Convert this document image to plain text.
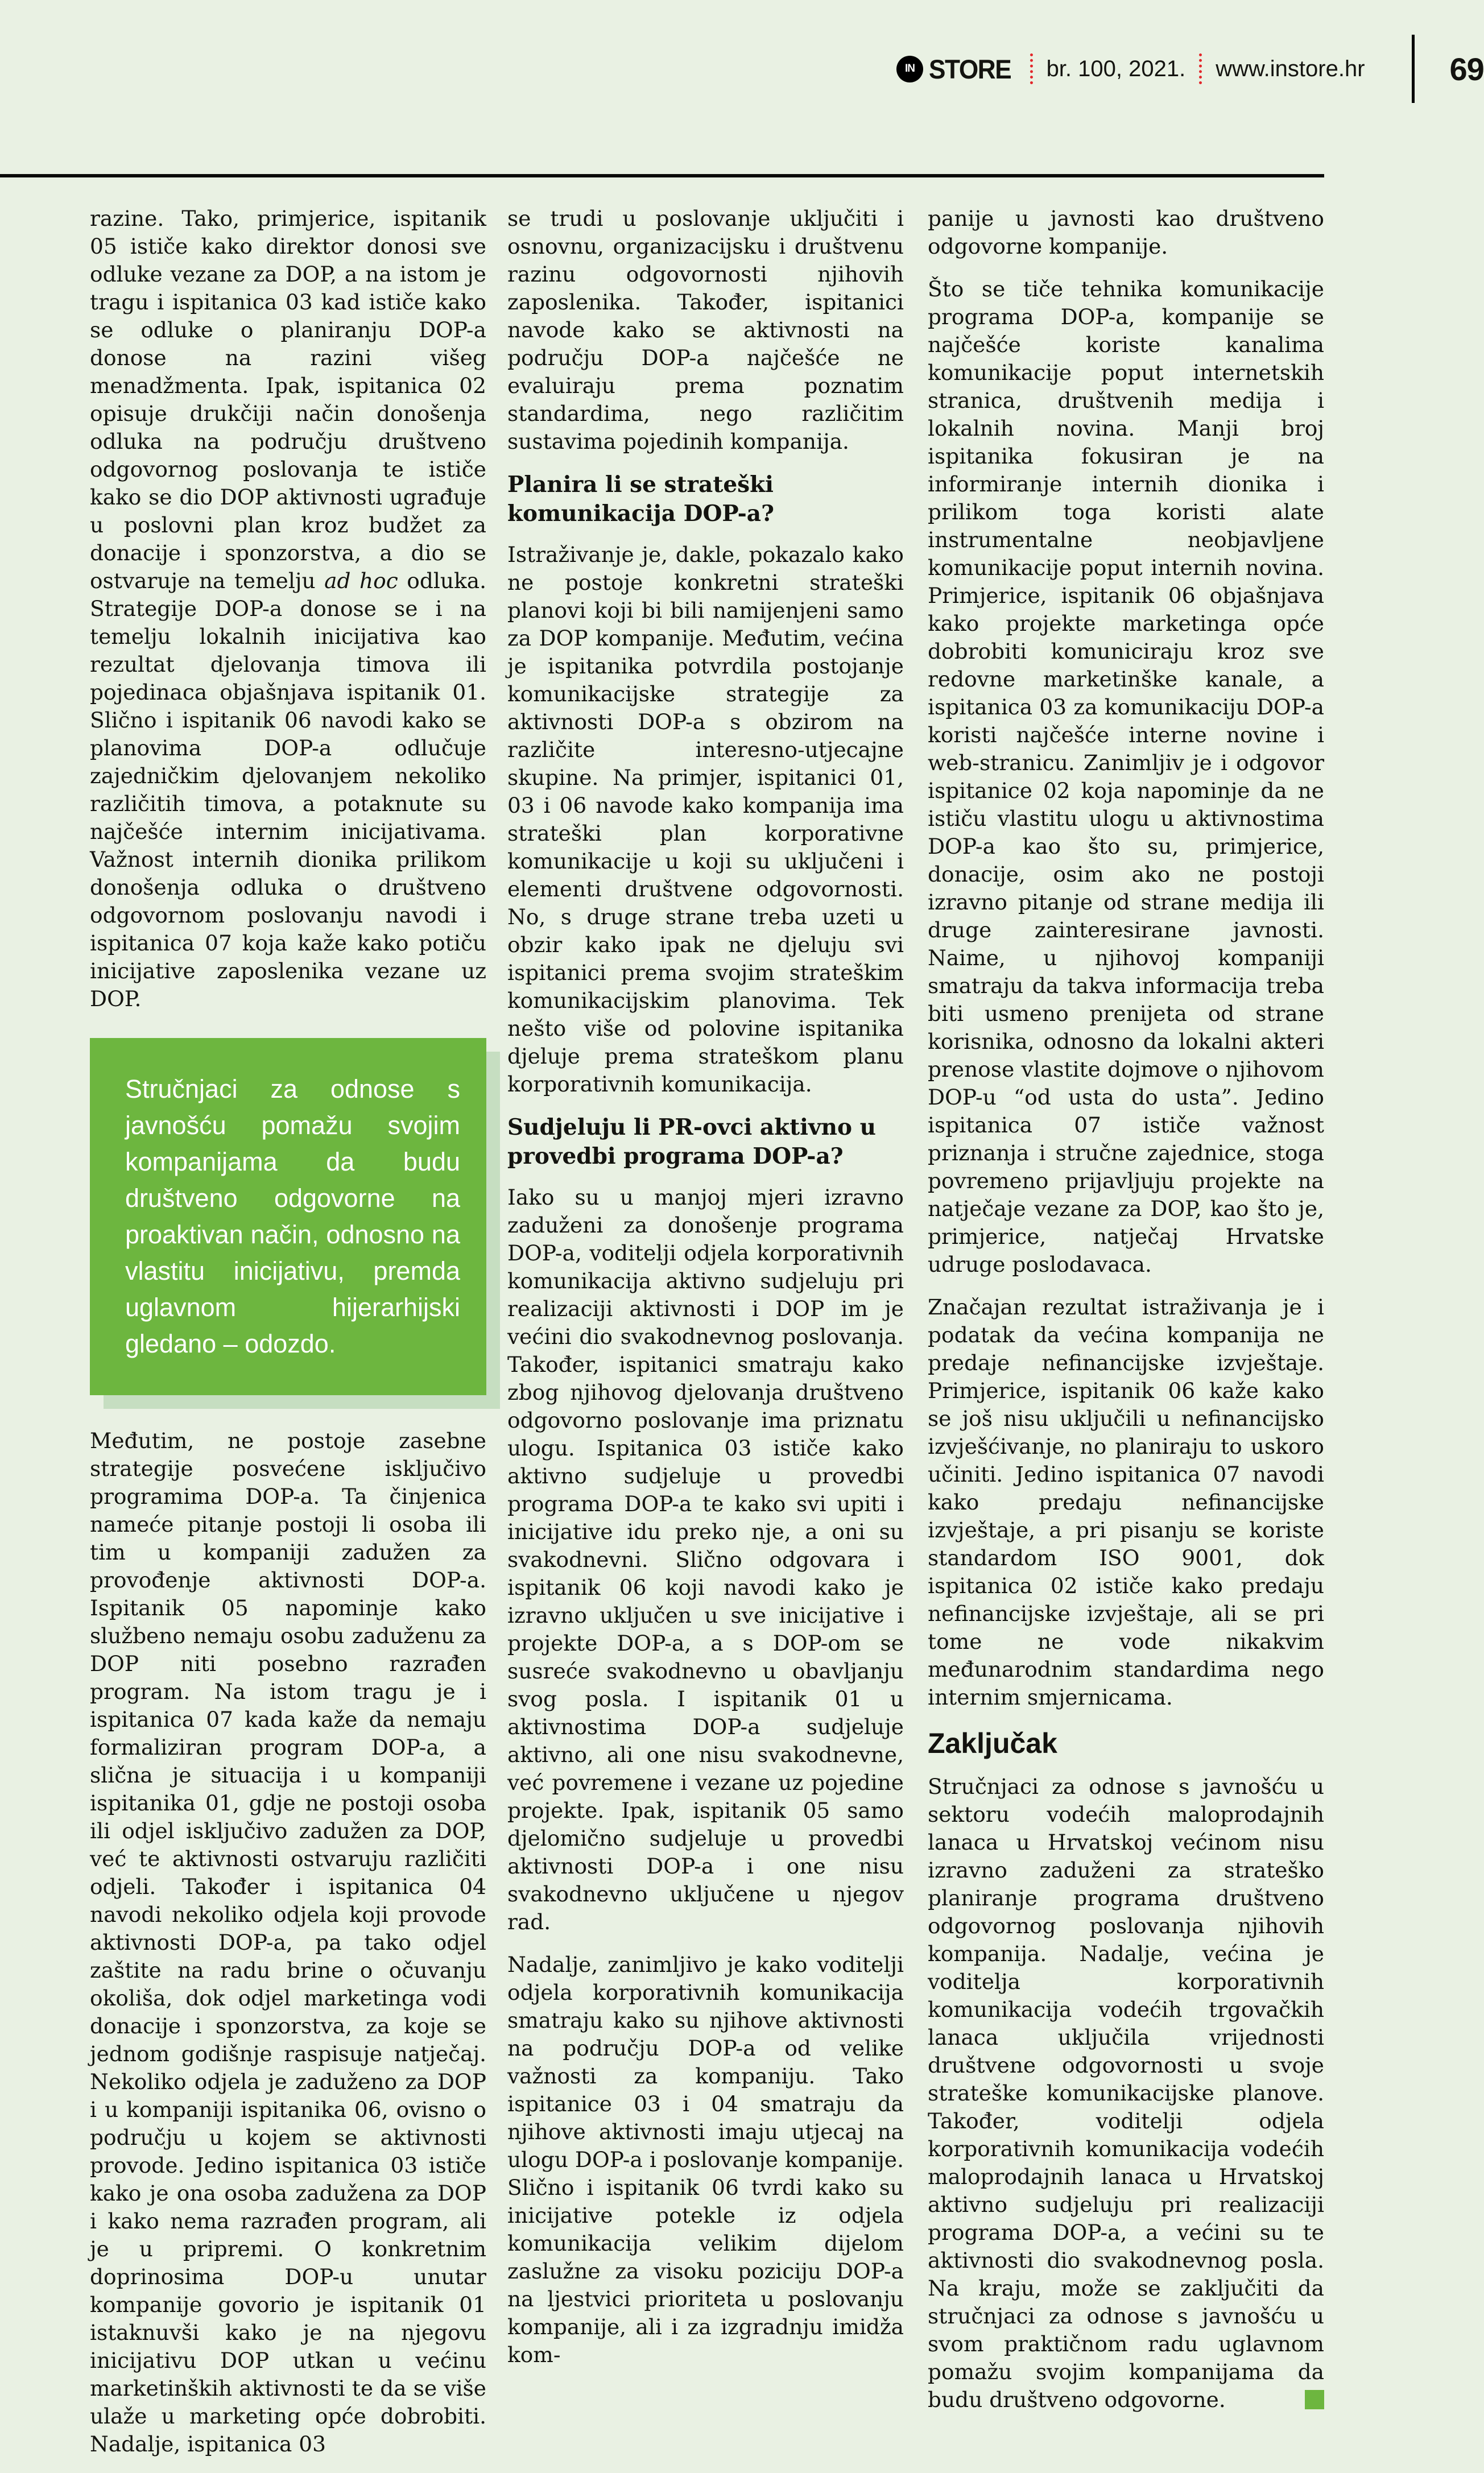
IN STORE br. 100, 2021. www.instore.hr	69

razine. Tako, primjerice, ispitanik 05 ističe kako direktor donosi sve odluke vezane za DOP, a na istom je tragu i ispitanica 03 kad ističe kako se odluke o planiranju DOP-a donose na razini višeg menadžmenta. Ipak, ispitanica 02 opisuje drukčiji način donošenja odluka na području društveno odgovornog poslovanja te ističe kako se dio DOP aktivnosti ugrađuje u poslovni plan kroz budžet za donacije i sponzorstva, a dio se ostvaruje na temelju ad hoc odluka. Strategije DOP-a donose se i na temelju lokalnih inicijativa kao rezultat djelovanja timova ili pojedinaca objašnjava ispitanik 01. Slično i ispitanik 06 navodi kako se planovima DOP-a odlučuje zajedničkim djelovanjem nekoliko različitih timova, a potaknute su najčešće internim inicijativama. Važnost internih dionika prilikom donošenja odluka o društveno odgovornom poslovanju navodi i ispitanica 07 koja kaže kako potiču inicijative zaposlenika vezane uz DOP.

Stručnjaci za odnose s javnošću pomažu svojim kompanijama da budu društveno odgovorne na proaktivan način, odnosno na vlastitu inicijativu, premda uglavnom hijerarhijski gledano – odozdo.

Međutim, ne postoje zasebne strategije posvećene isključivo programima DOP-a. Ta činjenica nameće pitanje postoji li osoba ili tim u kompaniji zadužen za provođenje aktivnosti DOP-a. Ispitanik 05 napominje kako službeno nemaju osobu zaduženu za DOP niti posebno razrađen program. Na istom tragu je i ispitanica 07 kada kaže da nemaju formaliziran program DOP-a, a slična je situacija i u kompaniji ispitanika 01, gdje ne postoji osoba ili odjel isključivo zadužen za DOP, već te aktivnosti ostvaruju različiti odjeli. Također i ispitanica 04 navodi nekoliko odjela koji provode aktivnosti DOP-a, pa tako odjel zaštite na radu brine o očuvanju okoliša, dok odjel marketinga vodi donacije i sponzorstva, za koje se jednom godišnje raspisuje natječaj. Nekoliko odjela je zaduženo za DOP i u kompaniji ispitanika 06, ovisno o području u kojem se aktivnosti provode. Jedino ispitanica 03 ističe kako je ona osoba zadužena za DOP i kako nema razrađen program, ali je u pripremi. O konkretnim doprinosima DOP-u unutar kompanije govorio je ispitanik 01 istaknuvši kako je na njegovu inicijativu DOP utkan u većinu marketinških aktivnosti te da se više ulaže u marketing opće dobrobiti. Nadalje, ispitanica 03

se trudi u poslovanje uključiti i osnovnu, organizacijsku i društvenu razinu odgovornosti njihovih zaposlenika. Također, ispitanici navode kako se aktivnosti na području DOP-a najčešće ne evaluiraju prema poznatim standardima, nego različitim sustavima pojedinih kompanija.

Planira li se strateški komunikacija DOP-a?

Istraživanje je, dakle, pokazalo kako ne postoje konkretni strateški planovi koji bi bili namijenjeni samo za DOP kompanije. Međutim, većina je ispitanika potvrdila postojanje komunikacijske strategije za aktivnosti DOP-a s obzirom na različite interesno-utjecajne skupine. Na primjer, ispitanici 01, 03 i 06 navode kako kompanija ima strateški plan korporativne komunikacije u koji su uključeni i elementi društvene odgovornosti. No, s druge strane treba uzeti u obzir kako ipak ne djeluju svi ispitanici prema svojim strateškim komunikacijskim planovima. Tek nešto više od polovine ispitanika djeluje prema strateškom planu korporativnih komunikacija.

Sudjeluju li PR-ovci aktivno u provedbi programa DOP-a?

Iako su u manjoj mjeri izravno zaduženi za donošenje programa DOP-a, voditelji odjela korporativnih komunikacija aktivno sudjeluju pri realizaciji aktivnosti i DOP im je većini dio svakodnevnog poslovanja. Također, ispitanici smatraju kako zbog njihovog djelovanja društveno odgovorno poslovanje ima priznatu ulogu. Ispitanica 03 ističe kako aktivno sudjeluje u provedbi programa DOP-a te kako svi upiti i inicijative idu preko nje, a oni su svakodnevni. Slično odgovara i ispitanik 06 koji navodi kako je izravno uključen u sve inicijative i projekte DOP-a, a s DOP-om se susreće svakodnevno u obavljanju svog posla. I ispitanik 01 u aktivnostima DOP-a sudjeluje aktivno, ali one nisu svakodnevne, već povremene i vezane uz pojedine projekte. Ipak, ispitanik 05 samo djelomično sudjeluje u provedbi aktivnosti DOP-a i one nisu svakodnevno uključene u njegov rad.

Nadalje, zanimljivo je kako voditelji odjela korporativnih komunikacija smatraju kako su njihove aktivnosti na području DOP-a od velike važnosti za kompaniju. Tako ispitanice 03 i 04 smatraju da njihove aktivnosti imaju utjecaj na ulogu DOP-a i poslovanje kompanije. Slično i ispitanik 06 tvrdi kako su inicijative potekle iz odjela komunikacija velikim dijelom zaslužne za visoku poziciju DOP-a na ljestvici prioriteta u poslovanju kompanije, ali i za izgradnju imidža kom-

panije u javnosti kao društveno odgovorne kompanije.

Što se tiče tehnika komunikacije programa DOP-a, kompanije se najčešće koriste kanalima komunikacije poput internetskih stranica, društvenih medija i lokalnih novina. Manji broj ispitanika fokusiran je na informiranje internih dionika i prilikom toga koristi alate instrumentalne neobjavljene komunikacije poput internih novina. Primjerice, ispitanik 06 objašnjava kako projekte marketinga opće dobrobiti komuniciraju kroz sve redovne marketinške kanale, a ispitanica 03 za komunikaciju DOP-a koristi najčešće interne novine i web-stranicu. Zanimljiv je i odgovor ispitanice 02 koja napominje da ne ističu vlastitu ulogu u aktivnostima DOP-a kao što su, primjerice, donacije, osim ako ne postoji izravno pitanje od strane medija ili druge zainteresirane javnosti. Naime, u njihovoj kompaniji smatraju da takva informacija treba biti usmeno prenijeta od strane korisnika, odnosno da lokalni akteri prenose vlastite dojmove o njihovom DOP-u “od usta do usta”. Jedino ispitanica 07 ističe važnost priznanja i stručne zajednice, stoga povremeno prijavljuju projekte na natječaje vezane za DOP, kao što je, primjerice, natječaj Hrvatske udruge poslodavaca.

Značajan rezultat istraživanja je i podatak da većina kompanija ne predaje nefinancijske izvještaje. Primjerice, ispitanik 06 kaže kako se još nisu uključili u nefinancijsko izvješćivanje, no planiraju to uskoro učiniti. Jedino ispitanica 07 navodi kako predaju nefinancijske izvještaje, a pri pisanju se koriste standardom ISO 9001, dok ispitanica 02 ističe kako predaju nefinancijske izvještaje, ali se pri tome ne vode nikakvim međunarodnim standardima nego internim smjernicama.

Zaključak

Stručnjaci za odnose s javnošću u sektoru vodećih maloprodajnih lanaca u Hrvatskoj većinom nisu izravno zaduženi za strateško planiranje programa društveno odgovornog poslovanja njihovih kompanija. Nadalje, većina je voditelja korporativnih komunikacija vodećih trgovačkih lanaca uključila vrijednosti društvene odgovornosti u svoje strateške komunikacijske planove. Također, voditelji odjela korporativnih komunikacija vodećih maloprodajnih lanaca u Hrvatskoj aktivno sudjeluju pri realizaciji programa DOP-a, a većini su te aktivnosti dio svakodnevnog posla. Na kraju, može se zaključiti da stručnjaci za odnose s javnošću u svom praktičnom radu uglavnom pomažu svojim kompanijama da budu društveno odgovorne.
